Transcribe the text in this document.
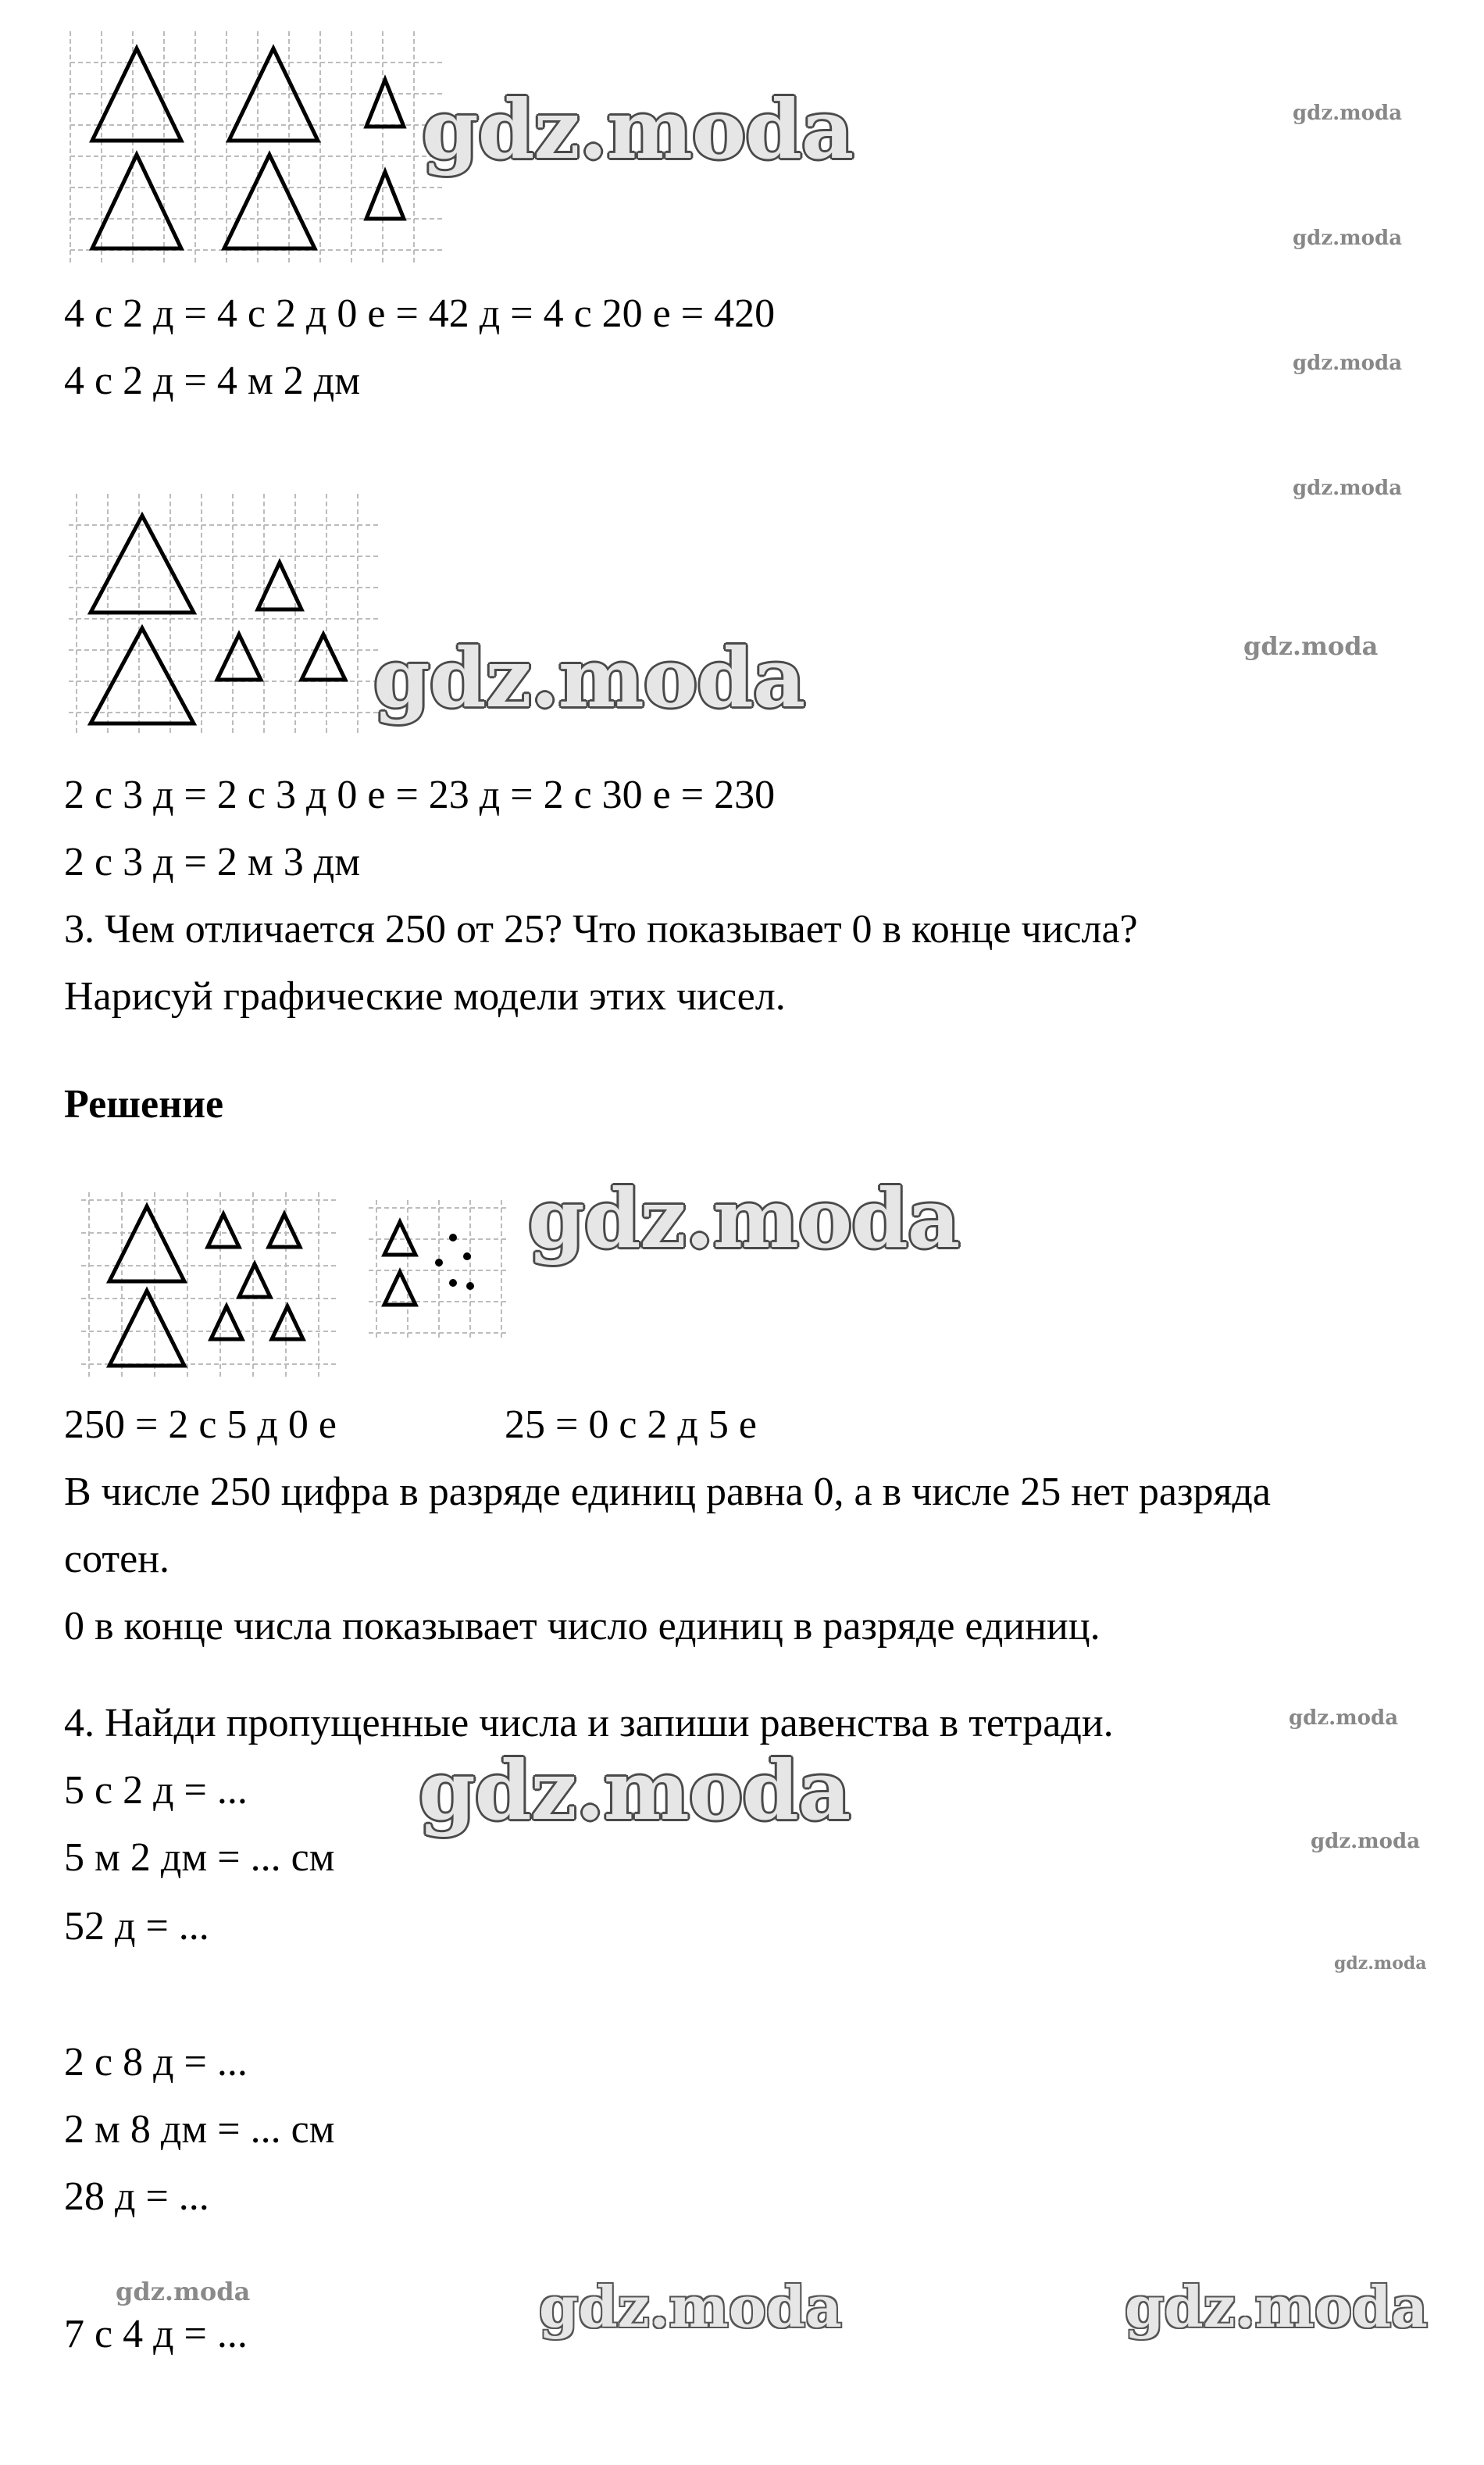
gdz.moda	gdz.moda
gdz.moda
gdz.moda
gdz.moda
4 с 2 д = 4 с 2 д 0 е = 42 д = 4 с 20 е = 420
4 с 2 д = 4 м 2 дм
gdz.moda	gdz.moda
2 с 3 д = 2 с 3 д 0 е = 23 д = 2 с 30 е = 230
2 с 3 д = 2 м 3 дм
3. Чем отличается 250 от 25? Что показывает 0 в конце числа?
Нарисуй графические модели этих чисел.
Решение
gdz.moda
250 = 2 с 5 д 0 е	25 = 0 с 2 д 5 е
В числе 250 цифра в разряде единиц равна 0, а в числе 25 нет разряда
сотен.
0 в конце числа показывает число единиц в разряде единиц.
4. Найди пропущенные числа и запиши равенства в тетради.	gdz.moda
5 с 2 д = ... gdz.moda
5 м 2 дм = ... см	gdz.moda
52 д = ...
gdz.moda
2 с 8 д = ...
2 м 8 дм = ... см
28 д = ...
gdz.moda	gdz.moda	gdz.moda
7 с 4 д = ...
